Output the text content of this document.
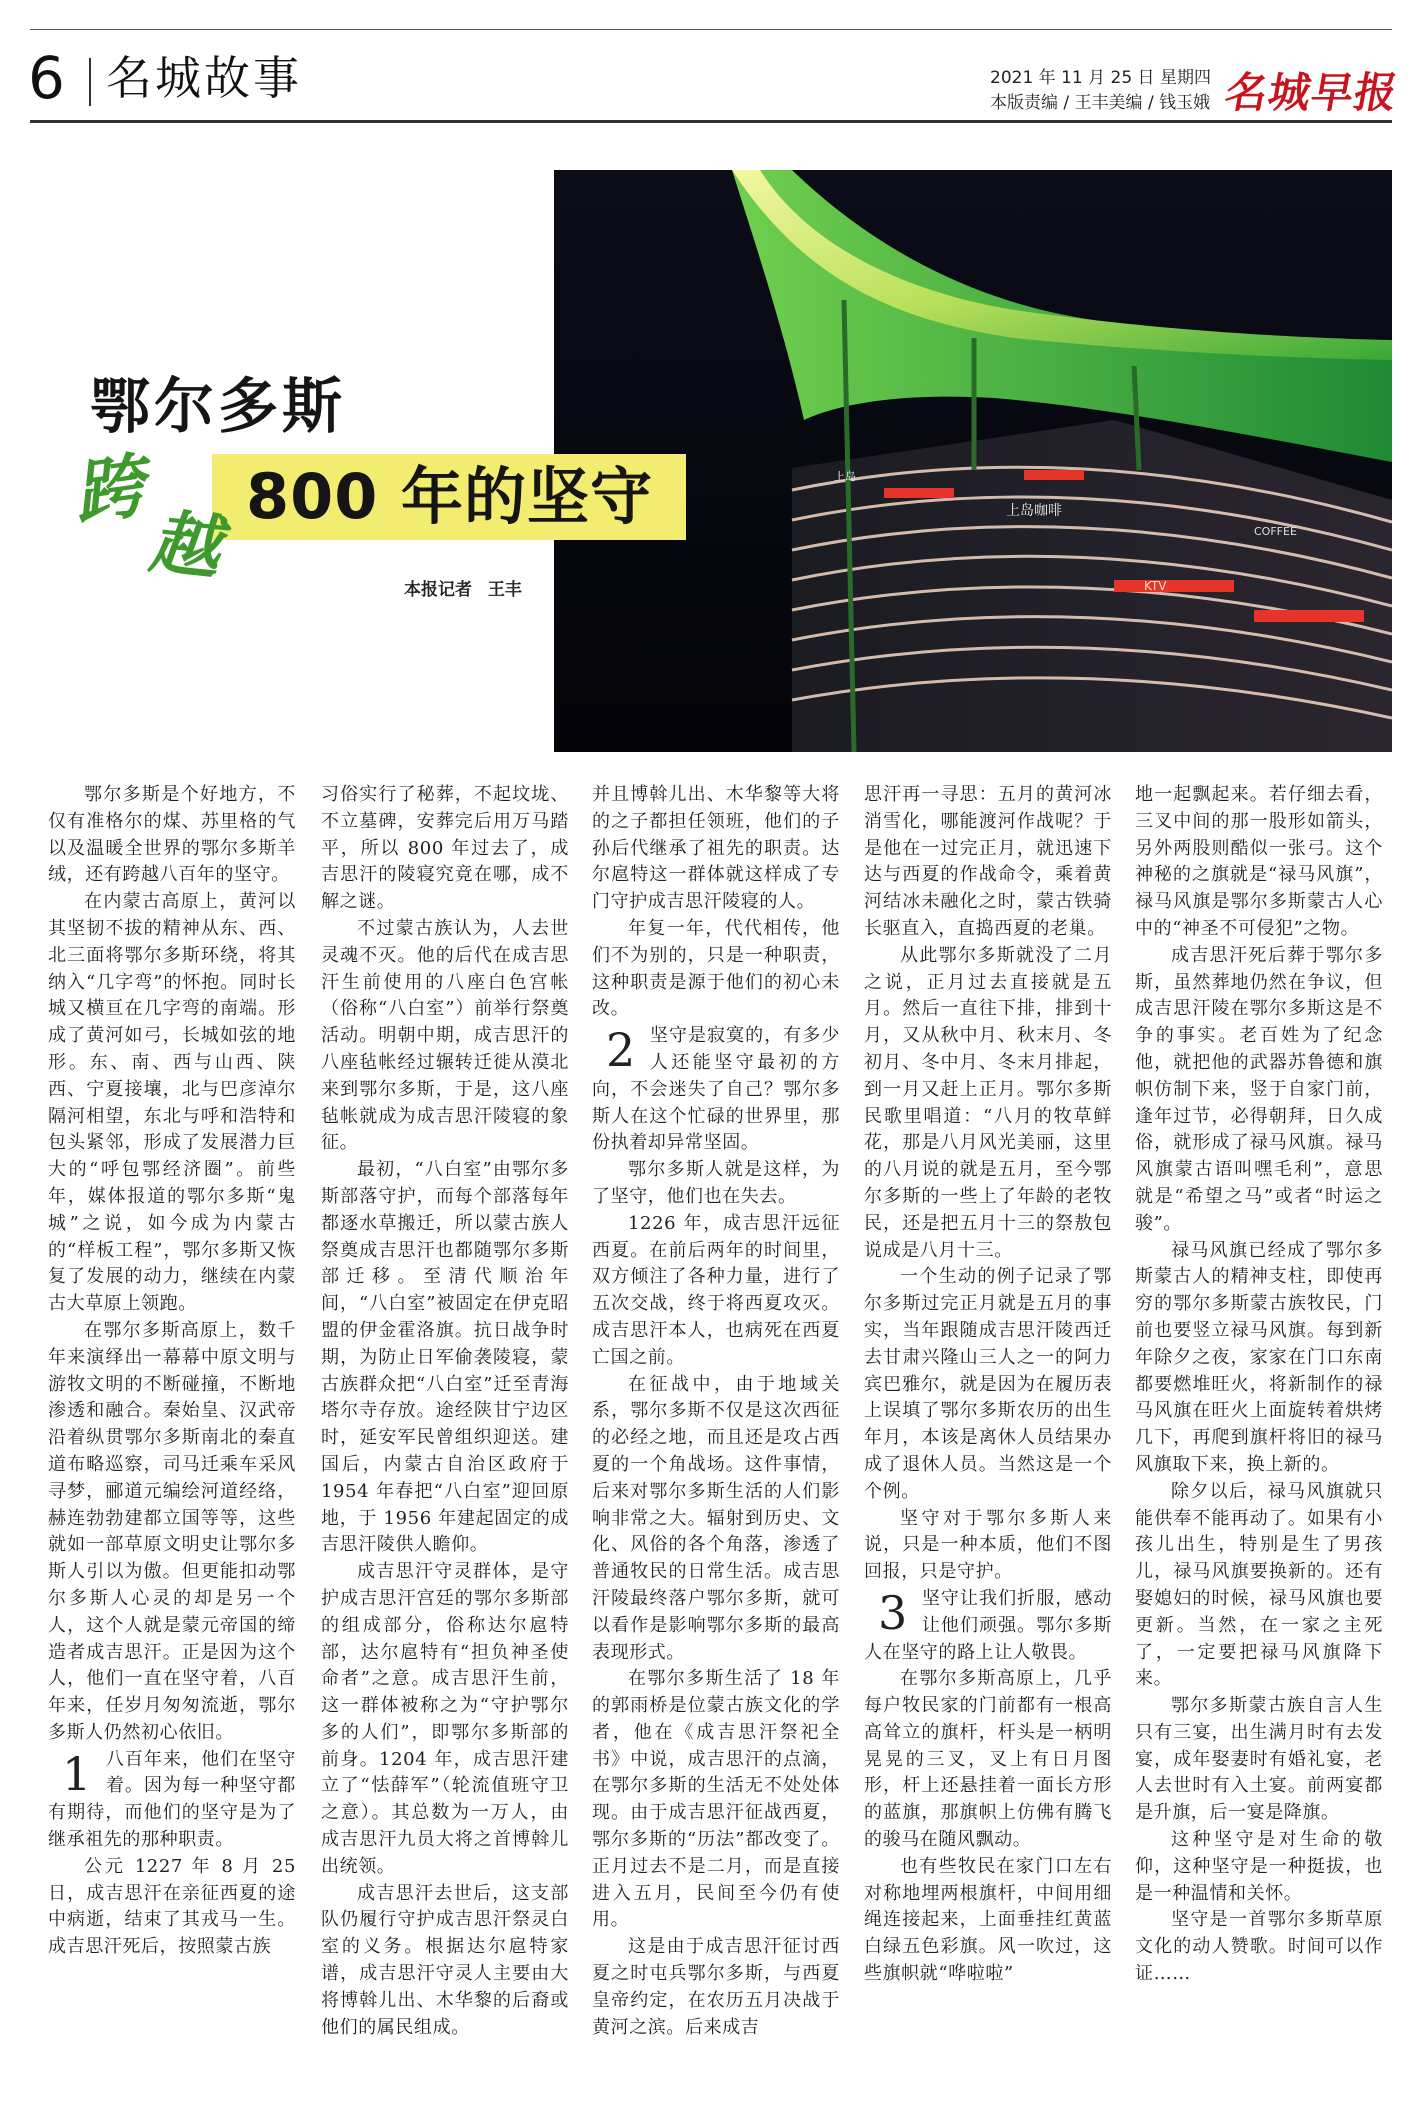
6 名城故事	2021 年 11 月 25 日 星期四
本版责编 / 王丰美编 / 钱玉娥 名城早报
上岛咖啡
KTV
COFFEE
上岛
鄂尔多斯
800 年的坚守
跨
越
本报记者 王丰

鄂尔多斯是个好地方，不仅有准格尔的煤、苏里格的气以及温暖全世界的鄂尔多斯羊绒，还有跨越八百年的坚守。

在内蒙古高原上，黄河以其坚韧不拔的精神从东、西、北三面将鄂尔多斯环绕，将其纳入“几字弯”的怀抱。同时长城又横亘在几字弯的南端。形成了黄河如弓，长城如弦的地形。东、南、西与山西、陕西、宁夏接壤，北与巴彦淖尔隔河相望，东北与呼和浩特和包头紧邻，形成了发展潜力巨大的“呼包鄂经济圈”。前些年，媒体报道的鄂尔多斯“鬼城”之说，如今成为内蒙古的“样板工程”，鄂尔多斯又恢复了发展的动力，继续在内蒙古大草原上领跑。

在鄂尔多斯高原上，数千年来演绎出一幕幕中原文明与游牧文明的不断碰撞，不断地渗透和融合。秦始皇、汉武帝沿着纵贯鄂尔多斯南北的秦直道布略巡察，司马迁乘车采风寻梦，郦道元编绘河道经络，赫连勃勃建都立国等等，这些就如一部草原文明史让鄂尔多斯人引以为傲。但更能扣动鄂尔多斯人心灵的却是另一个人，这个人就是蒙元帝国的缔造者成吉思汗。正是因为这个人，他们一直在坚守着，八百年来，任岁月匆匆流逝，鄂尔多斯人仍然初心依旧。

1 八百年来，他们在坚守着。因为每一种坚守都有期待，而他们的坚守是为了继承祖先的那种职责。

公元 1227 年 8 月 25 日，成吉思汗在亲征西夏的途中病逝，结束了其戎马一生。成吉思汗死后，按照蒙古族

习俗实行了秘葬，不起坟垅、不立墓碑，安葬完后用万马踏平，所以 800 年过去了，成吉思汗的陵寝究竟在哪，成不解之谜。

不过蒙古族认为，人去世灵魂不灭。他的后代在成吉思汗生前使用的八座白色宫帐（俗称“八白室”）前举行祭奠活动。明朝中期，成吉思汗的八座毡帐经过辗转迁徙从漠北来到鄂尔多斯，于是，这八座毡帐就成为成吉思汗陵寝的象征。

最初，“八白室”由鄂尔多斯部落守护，而每个部落每年都逐水草搬迁，所以蒙古族人祭奠成吉思汗也都随鄂尔多斯部迁移。至清代顺治年间，“八白室”被固定在伊克昭盟的伊金霍洛旗。抗日战争时期，为防止日军偷袭陵寝，蒙古族群众把“八白室”迁至青海塔尔寺存放。途经陕甘宁边区时，延安军民曾组织迎送。建国后，内蒙古自治区政府于 1954 年春把“八白室”迎回原地，于 1956 年建起固定的成吉思汗陵供人瞻仰。

成吉思汗守灵群体，是守护成吉思汗宫廷的鄂尔多斯部的组成部分，俗称达尔扈特部，达尔扈特有“担负神圣使命者”之意。成吉思汗生前，这一群体被称之为“守护鄂尔多的人们”，即鄂尔多斯部的前身。1204 年，成吉思汗建立了“怯薛军”（轮流值班守卫之意）。其总数为一万人，由成吉思汗九员大将之首博斡儿出统领。

成吉思汗去世后，这支部队仍履行守护成吉思汗祭灵白室的义务。根据达尔扈特家谱，成吉思汗守灵人主要由大将博斡儿出、木华黎的后裔或他们的属民组成。

并且博斡儿出、木华黎等大将的之子都担任领班，他们的子孙后代继承了祖先的职责。达尔扈特这一群体就这样成了专门守护成吉思汗陵寝的人。

年复一年，代代相传，他们不为别的，只是一种职责，这种职责是源于他们的初心未改。

2 坚守是寂寞的，有多少人还能坚守最初的方向，不会迷失了自己？鄂尔多斯人在这个忙碌的世界里，那份执着却异常坚固。

鄂尔多斯人就是这样，为了坚守，他们也在失去。

1226 年，成吉思汗远征西夏。在前后两年的时间里，双方倾注了各种力量，进行了五次交战，终于将西夏攻灭。成吉思汗本人，也病死在西夏亡国之前。

在征战中，由于地域关系，鄂尔多斯不仅是这次西征的必经之地，而且还是攻占西夏的一个角战场。这件事情，后来对鄂尔多斯生活的人们影响非常之大。辐射到历史、文化、风俗的各个角落，渗透了普通牧民的日常生活。成吉思汗陵最终落户鄂尔多斯，就可以看作是影响鄂尔多斯的最高表现形式。

在鄂尔多斯生活了 18 年的郭雨桥是位蒙古族文化的学者，他在《成吉思汗祭祀全书》中说，成吉思汗的点滴，在鄂尔多斯的生活无不处处体现。由于成吉思汗征战西夏，鄂尔多斯的“历法”都改变了。正月过去不是二月，而是直接进入五月，民间至今仍有使用。

这是由于成吉思汗征讨西夏之时屯兵鄂尔多斯，与西夏皇帝约定，在农历五月决战于黄河之滨。后来成吉

思汗再一寻思：五月的黄河冰消雪化，哪能渡河作战呢？于是他在一过完正月，就迅速下达与西夏的作战命令，乘着黄河结冰未融化之时，蒙古铁骑长驱直入，直捣西夏的老巢。

从此鄂尔多斯就没了二月之说，正月过去直接就是五月。然后一直往下排，排到十月，又从秋中月、秋末月、冬初月、冬中月、冬末月排起，到一月又赶上正月。鄂尔多斯民歌里唱道：“八月的牧草鲜花，那是八月风光美丽，这里的八月说的就是五月，至今鄂尔多斯的一些上了年龄的老牧民，还是把五月十三的祭敖包说成是八月十三。

一个生动的例子记录了鄂尔多斯过完正月就是五月的事实，当年跟随成吉思汗陵西迁去甘肃兴隆山三人之一的阿力宾巴雅尔，就是因为在履历表上误填了鄂尔多斯农历的出生年月，本该是离休人员结果办成了退休人员。当然这是一个个例。

坚守对于鄂尔多斯人来说，只是一种本质，他们不图回报，只是守护。

3 坚守让我们折服，感动让他们顽强。鄂尔多斯人在坚守的路上让人敬畏。

在鄂尔多斯高原上，几乎每户牧民家的门前都有一根高高耸立的旗杆，杆头是一柄明晃晃的三叉，叉上有日月图形，杆上还悬挂着一面长方形的蓝旗，那旗帜上仿佛有腾飞的骏马在随风飘动。

也有些牧民在家门口左右对称地埋两根旗杆，中间用细绳连接起来，上面垂挂红黄蓝白绿五色彩旗。风一吹过，这些旗帜就“哗啦啦”

地一起飘起来。若仔细去看，三叉中间的那一股形如箭头，另外两股则酷似一张弓。这个神秘的之旗就是“禄马风旗”，禄马风旗是鄂尔多斯蒙古人心中的“神圣不可侵犯”之物。

成吉思汗死后葬于鄂尔多斯，虽然葬地仍然在争议，但成吉思汗陵在鄂尔多斯这是不争的事实。老百姓为了纪念他，就把他的武器苏鲁德和旗帜仿制下来，竖于自家门前，逢年过节，必得朝拜，日久成俗，就形成了禄马风旗。禄马风旗蒙古语叫嘿毛利”，意思就是“希望之马”或者“时运之骏”。

禄马风旗已经成了鄂尔多斯蒙古人的精神支柱，即使再穷的鄂尔多斯蒙古族牧民，门前也要竖立禄马风旗。每到新年除夕之夜，家家在门口东南都要燃堆旺火，将新制作的禄马风旗在旺火上面旋转着烘烤几下，再爬到旗杆将旧的禄马风旗取下来，换上新的。

除夕以后，禄马风旗就只能供奉不能再动了。如果有小孩儿出生，特别是生了男孩儿，禄马风旗要换新的。还有娶媳妇的时候，禄马风旗也要更新。当然，在一家之主死了，一定要把禄马风旗降下来。

鄂尔多斯蒙古族自言人生只有三宴，出生满月时有去发宴，成年娶妻时有婚礼宴，老人去世时有入土宴。前两宴都是升旗，后一宴是降旗。

这种坚守是对生命的敬仰，这种坚守是一种挺拔，也是一种温情和关怀。

坚守是一首鄂尔多斯草原文化的动人赞歌。时间可以作证……
